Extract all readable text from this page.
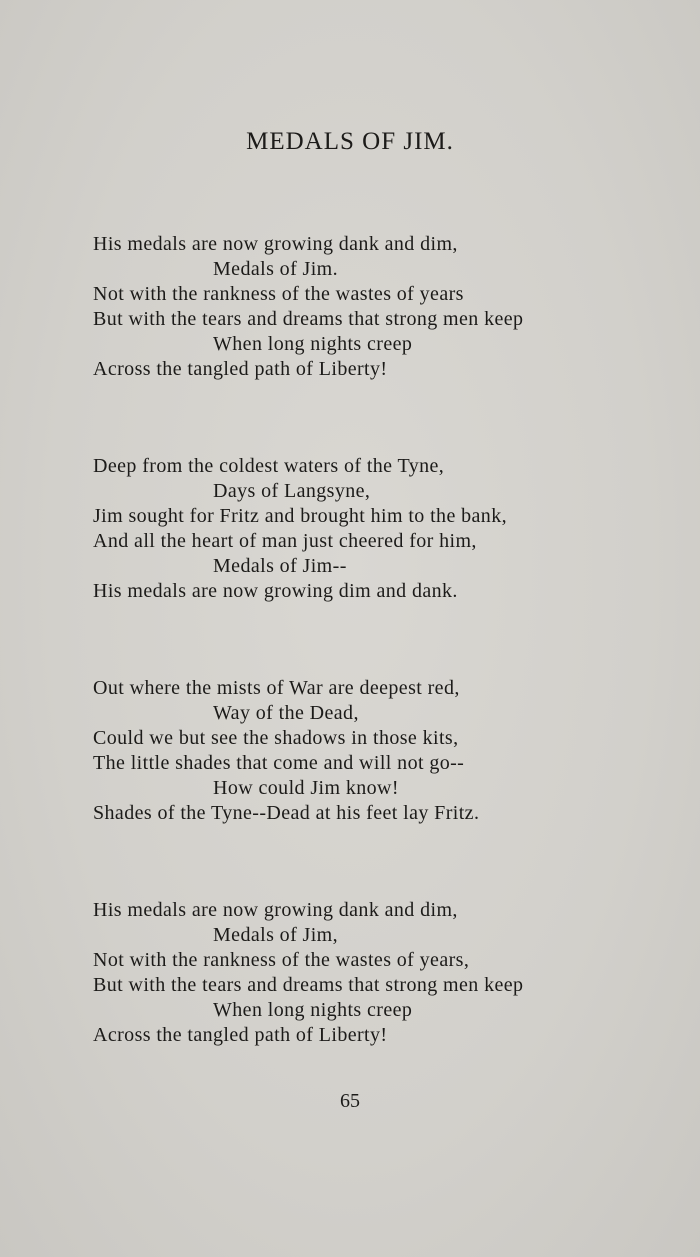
MEDALS OF JIM.
His medals are now growing dank and dim,
Medals of Jim.
Not with the rankness of the wastes of years
But with the tears and dreams that strong men keep
When long nights creep
Across the tangled path of Liberty!
Deep from the coldest waters of the Tyne,
Days of Langsyne,
Jim sought for Fritz and brought him to the bank,
And all the heart of man just cheered for him,
Medals of Jim--
His medals are now growing dim and dank.
Out where the mists of War are deepest red,
Way of the Dead,
Could we but see the shadows in those kits,
The little shades that come and will not go--
How could Jim know!
Shades of the Tyne--Dead at his feet lay Fritz.
His medals are now growing dank and dim,
Medals of Jim,
Not with the rankness of the wastes of years,
But with the tears and dreams that strong men keep
When long nights creep
Across the tangled path of Liberty!
65
